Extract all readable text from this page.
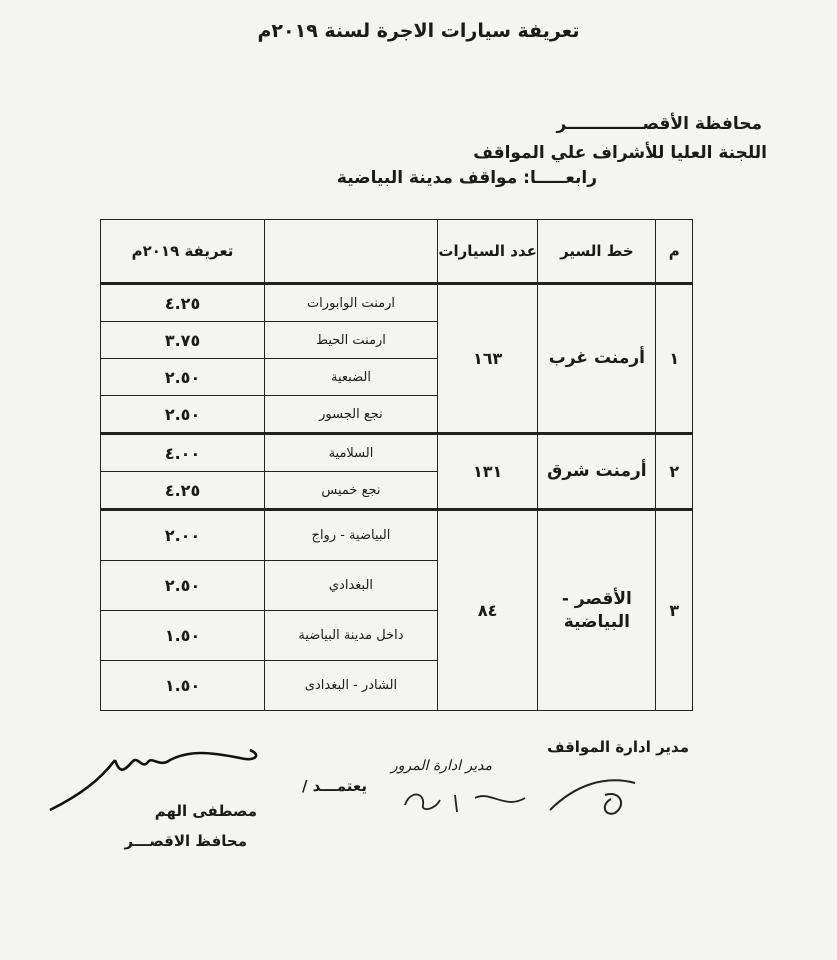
تعريفة سيارات الاجرة لسنة ٢٠١٩م
محافظة الأقصـــــــــــــر
اللجنة العليا للأشراف علي المواقف
رابعـــــا: مواقف مدينة البياضية
م	خط السير	عدد السيارات		تعريفة ٢٠١٩م
١	أرمنت غرب	١٦٣	ارمنت الوابورات	٤.٢٥
			ارمنت الحيط	٣.٧٥
			الضبعية	٢.٥٠
			نجع الجسور	٢.٥٠
٢	أرمنت شرق	١٣١	السلامية	٤.٠٠
			نجع خميس	٤.٢٥
٣	الأقصر - البياضية	٨٤	البياضية - رواج	٢.٠٠
			البغدادي	٢.٥٠
			داخل مدينة البياضية	١.٥٠
			الشادر - البغدادى	١.٥٠
مدير ادارة المواقف
مدير ادارة المرور
يعتمـــد /
مصطفى الهم
محافظ الاقصـــر
